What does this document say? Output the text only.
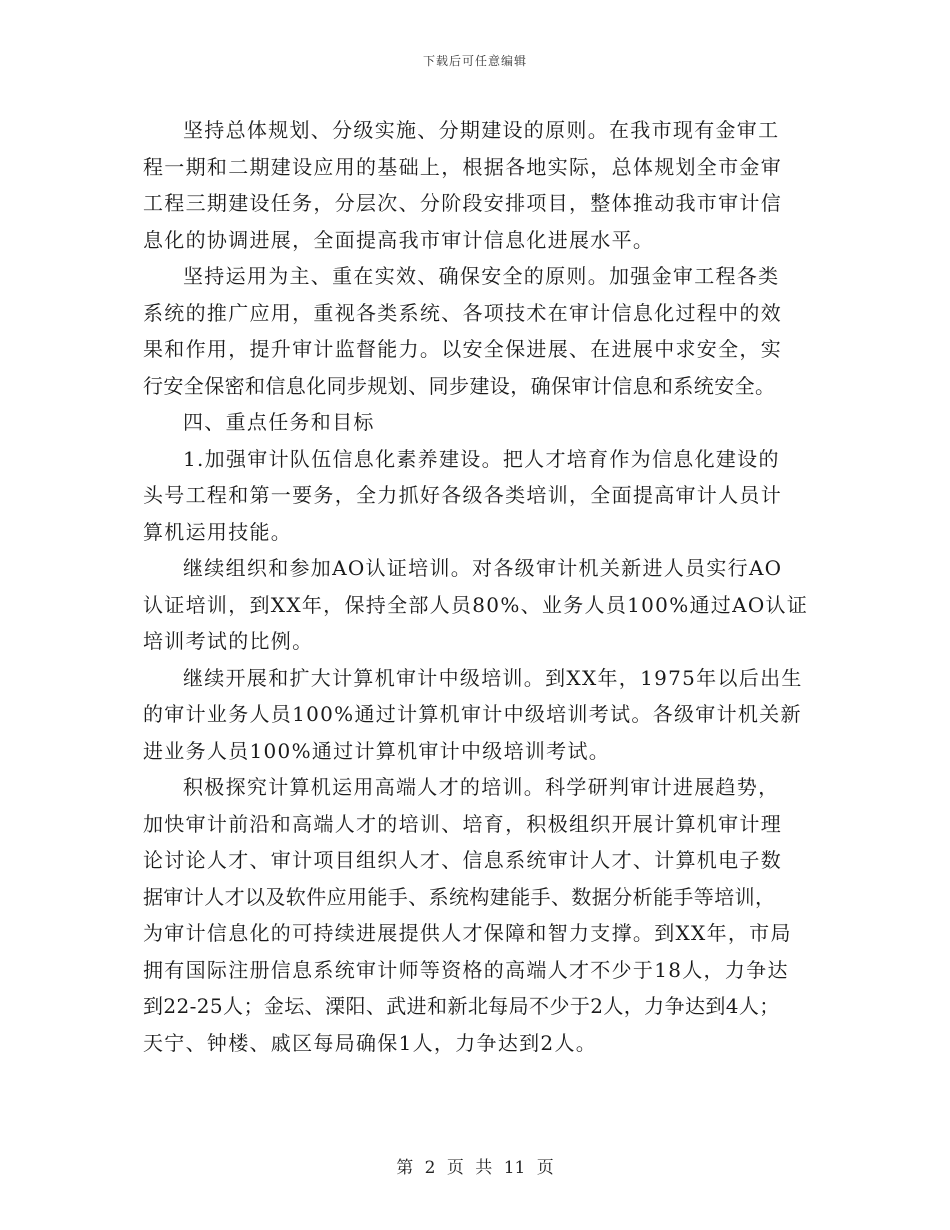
下载后可任意编辑
坚持总体规划、分级实施、分期建设的原则。在我市现有金审工
程一期和二期建设应用的基础上，根据各地实际，总体规划全市金审
工程三期建设任务，分层次、分阶段安排项目，整体推动我市审计信
息化的协调进展，全面提高我市审计信息化进展水平。
坚持运用为主、重在实效、确保安全的原则。加强金审工程各类
系统的推广应用，重视各类系统、各项技术在审计信息化过程中的效
果和作用，提升审计监督能力。以安全保进展、在进展中求安全，实
行安全保密和信息化同步规划、同步建设，确保审计信息和系统安全。
四、重点任务和目标
1.加强审计队伍信息化素养建设。把人才培育作为信息化建设的
头号工程和第一要务，全力抓好各级各类培训，全面提高审计人员计
算机运用技能。
继续组织和参加AO认证培训。对各级审计机关新进人员实行AO
认证培训，到XX年，保持全部人员80%、业务人员100%通过AO认证
培训考试的比例。
继续开展和扩大计算机审计中级培训。到XX年，1975年以后出生
的审计业务人员100%通过计算机审计中级培训考试。各级审计机关新
进业务人员100%通过计算机审计中级培训考试。
积极探究计算机运用高端人才的培训。科学研判审计进展趋势，
加快审计前沿和高端人才的培训、培育，积极组织开展计算机审计理
论讨论人才、审计项目组织人才、信息系统审计人才、计算机电子数
据审计人才以及软件应用能手、系统构建能手、数据分析能手等培训，
为审计信息化的可持续进展提供人才保障和智力支撑。到XX年，市局
拥有国际注册信息系统审计师等资格的高端人才不少于18人，力争达
到22-25人；金坛、溧阳、武进和新北每局不少于2人，力争达到4人；
天宁、钟楼、戚区每局确保1人，力争达到2人。
第 2 页 共 11 页
